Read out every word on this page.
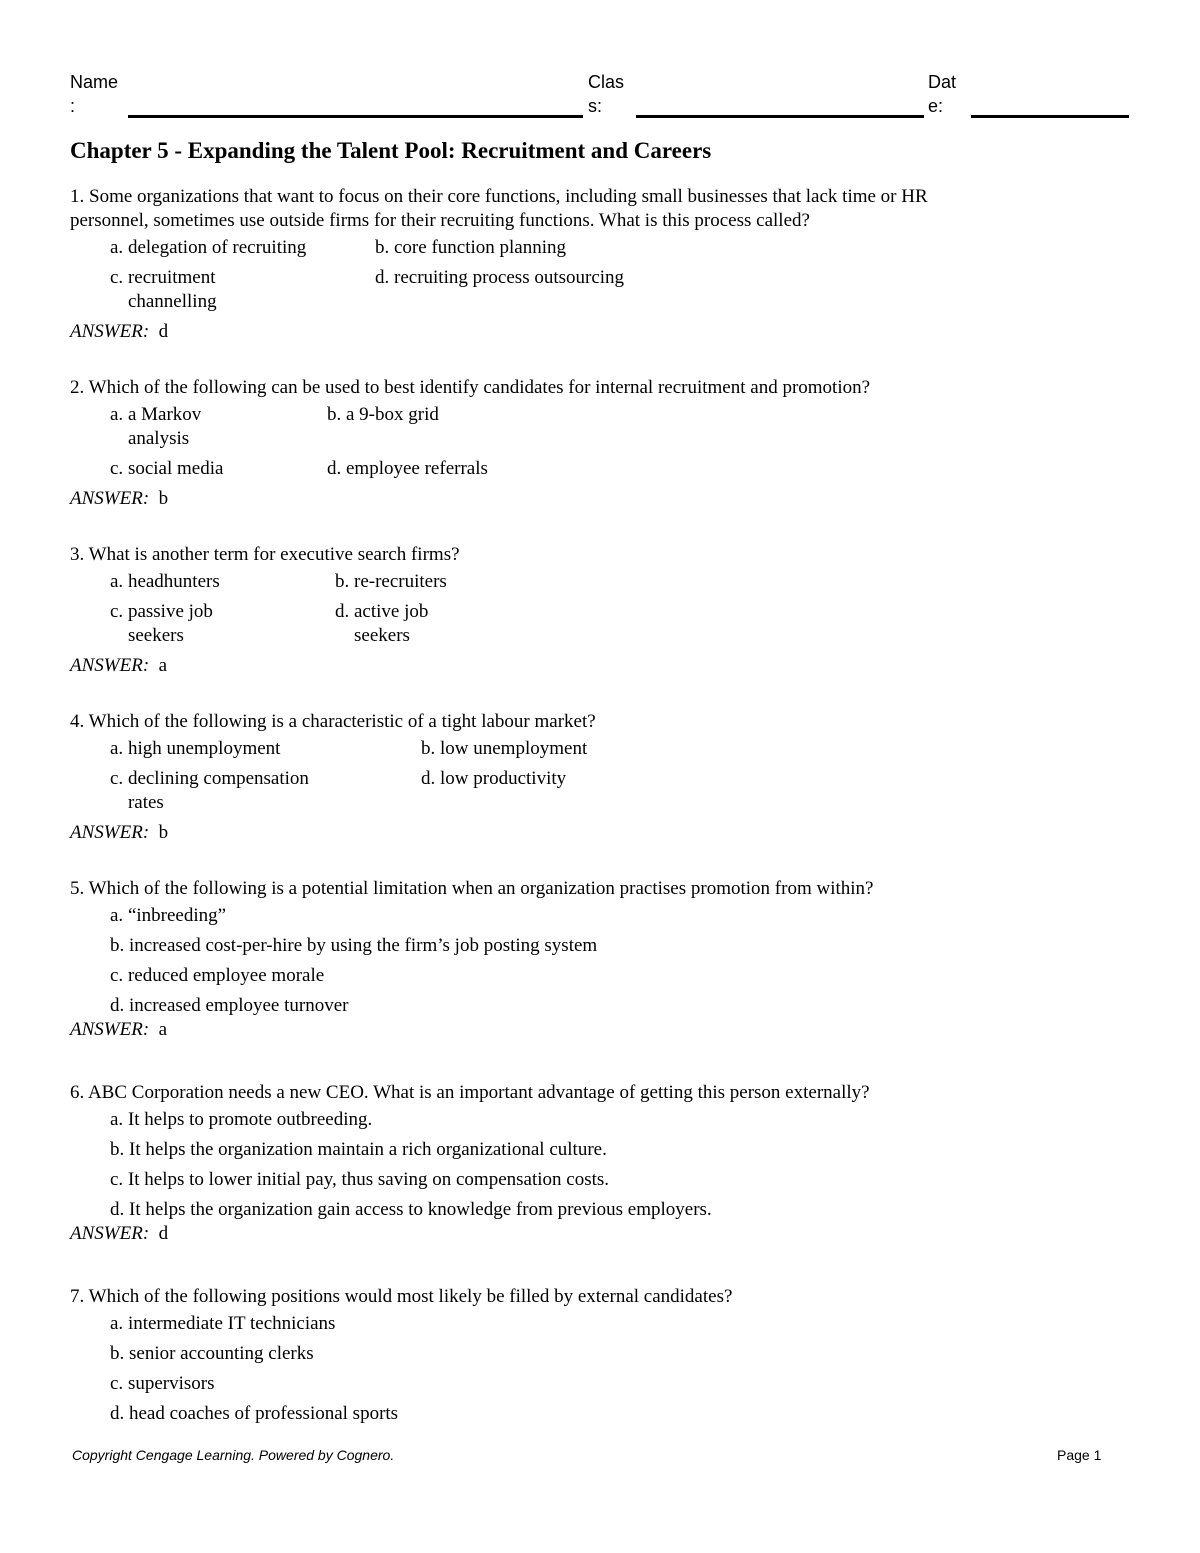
Name
:
Clas
s:
Dat
e:
Chapter 5 - Expanding the Talent Pool: Recruitment and Careers

1. Some organizations that want to focus on their core functions, including small businesses that lack time or HR

personnel, sometimes use outside firms for their recruiting functions. What is this process called?

a.
delegation of recruiting	b.
core function planning
c.
recruitment channelling
d.
recruiting process outsourcing
ANSWER: d

2. Which of the following can be used to best identify candidates for internal recruitment and promotion?

a.
a Markov analysis
b.
a 9-box grid
c.
social media	d.
employee referrals
ANSWER: b

3. What is another term for executive search firms?

a.
headhunters	b.
re-recruiters
c.
passive job seekers
d.
active job seekers
ANSWER: a

4. Which of the following is a characteristic of a tight labour market?

a.
high unemployment	b.
low unemployment
c.
declining compensation rates
d.
low productivity
ANSWER: b

5. Which of the following is a potential limitation when an organization practises promotion from within?

a. “inbreeding”
b. increased cost-per-hire by using the firm’s job posting system
c. reduced employee morale
d. increased employee turnover
ANSWER: a

6. ABC Corporation needs a new CEO. What is an important advantage of getting this person externally?

a. It helps to promote outbreeding.
b. It helps the organization maintain a rich organizational culture.
c. It helps to lower initial pay, thus saving on compensation costs.
d. It helps the organization gain access to knowledge from previous employers.
ANSWER: d

7. Which of the following positions would most likely be filled by external candidates?

a. intermediate IT technicians
b. senior accounting clerks
c. supervisors
d. head coaches of professional sports
Copyright Cengage Learning. Powered by Cognero.	Page 1
